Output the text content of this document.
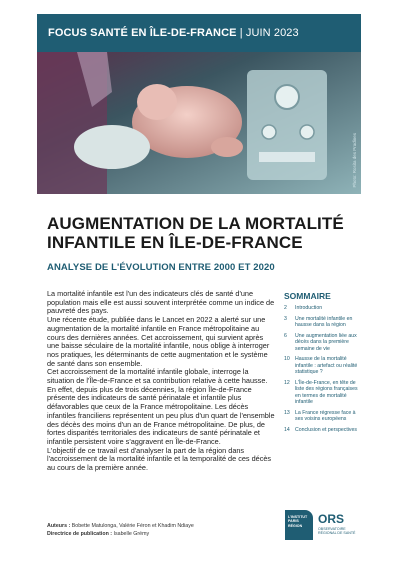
FOCUS SANTÉ EN ÎLE-DE-FRANCE | JUIN 2023
Photo: Rosita des Pradines
AUGMENTATION DE LA MORTALITÉ
INFANTILE EN ÎLE-DE-FRANCE
ANALYSE DE L'ÉVOLUTION ENTRE 2000 ET 2020

La mortalité infantile est l'un des indicateurs clés de santé d'une population mais elle est aussi souvent interprétée comme un indice de pauvreté des pays.

Une récente étude, publiée dans le Lancet en 2022 a alerté sur une augmentation de la mortalité infantile en France métropolitaine au cours des dernières années. Cet accroissement, qui survient après une baisse séculaire de la mortalité infantile, nous oblige à interroger nos pratiques, les déterminants de cette augmentation et le système de santé dans son ensemble.

Cet accroissement de la mortalité infantile globale, interroge la situation de l'Île-de-France et sa contribution relative à cette hausse. En effet, depuis plus de trois décennies, la région Île-de-France présente des indicateurs de santé périnatale et infantile plus défavorables que ceux de la France métropolitaine. Les décès infantiles franciliens représentent un peu plus d'un quart de l'ensemble des décès des moins d'un an de France métropolitaine. De plus, de fortes disparités territoriales des indicateurs de santé périnatale et infantile persistent voire s'aggravent en Île-de-France.

L'objectif de ce travail est d'analyser la part de la région dans l'accroissement de la mortalité infantile et la temporalité de ces décès au cours de la première année.

Auteurs : Bobette Matulonga, Valérie Féron et Khadim Ndiaye
Directrice de publication : Isabelle Grémy
SOMMAIRE
2	Introduction
3	Une mortalité infantile en hausse dans la région
6	Une augmentation liée aux décès dans la première semaine de vie
10	Hausse de la mortalité infantile : artefact ou réalité statistique ?
12	L'Île-de-France, en tête de liste des régions françaises en termes de mortalité infantile
13	La France régresse face à ses voisins européens
14	Conclusion et perspectives
L'INSTITUT
PARIS
RÉGION	ORS
OBSERVATOIRE
RÉGIONAL DE SANTÉ
